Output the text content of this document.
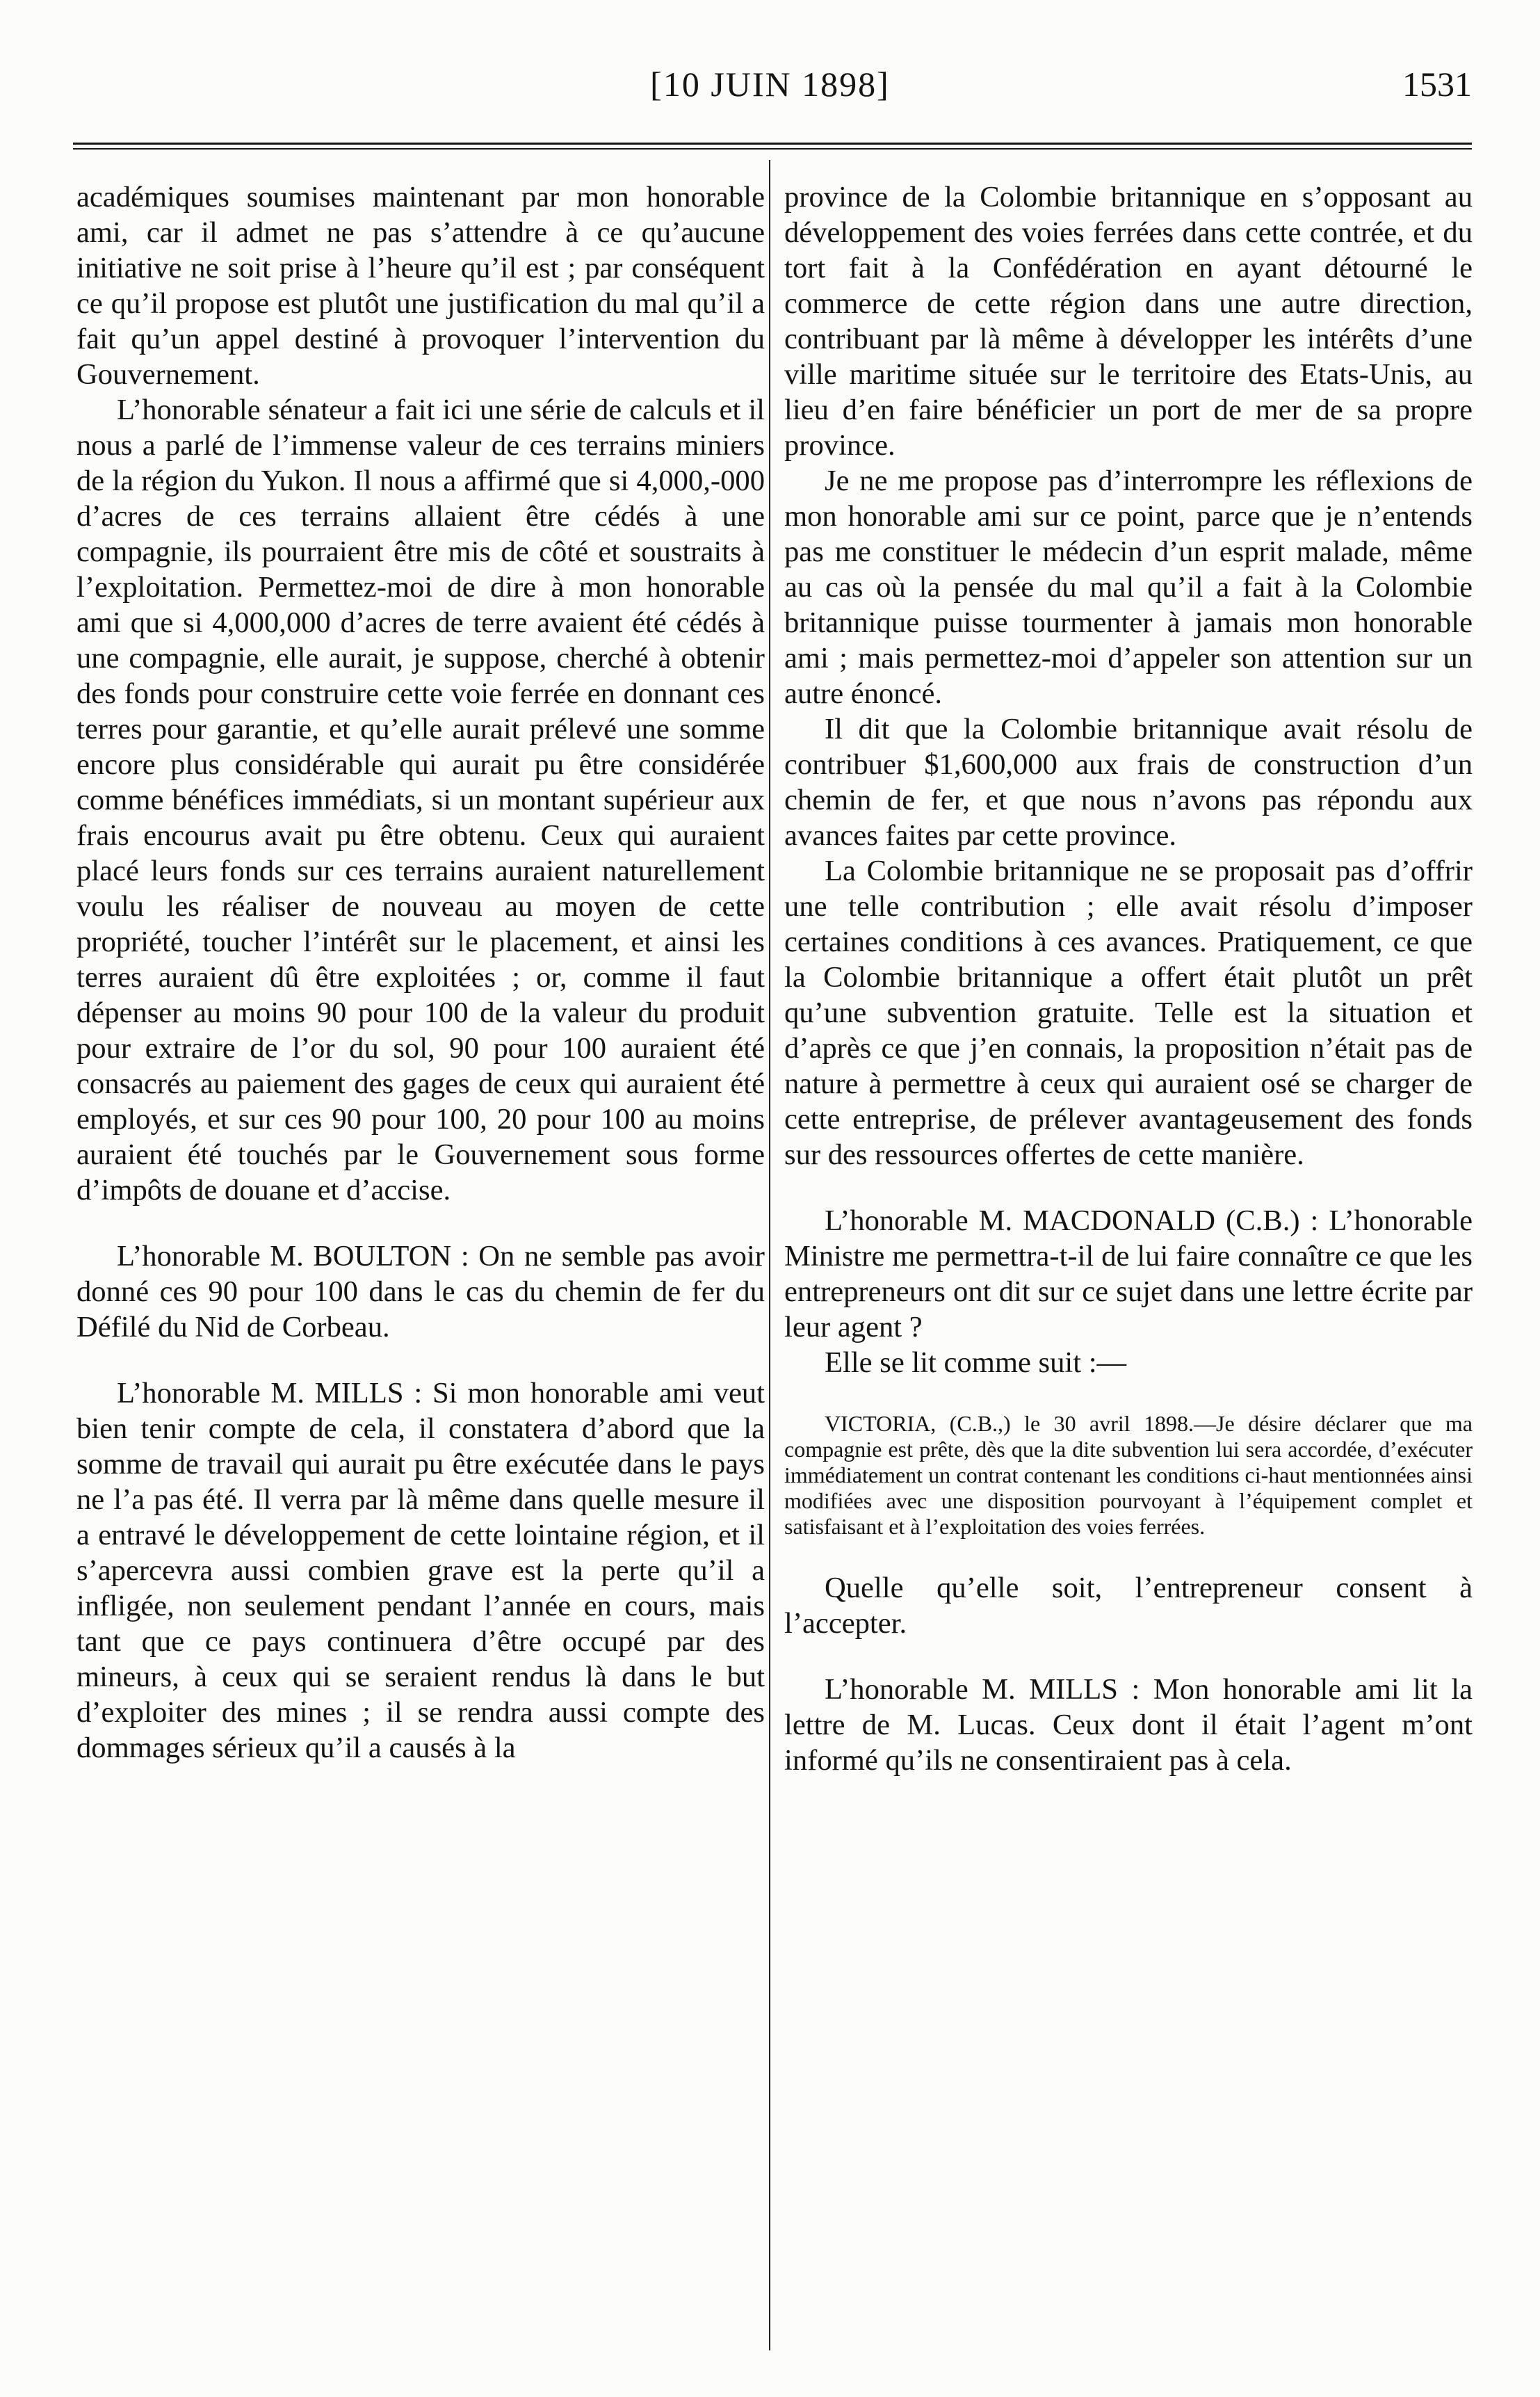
[10 JUIN 1898]	1531

académiques soumises maintenant par mon honorable ami, car il admet ne pas s’attendre à ce qu’aucune initiative ne soit prise à l’heure qu’il est ; par conséquent ce qu’il propose est plutôt une justification du mal qu’il a fait qu’un appel destiné à provoquer l’intervention du Gouvernement.

L’honorable sénateur a fait ici une série de calculs et il nous a parlé de l’immense valeur de ces terrains miniers de la région du Yukon. Il nous a affirmé que si 4,000,-000 d’acres de ces terrains allaient être cédés à une compagnie, ils pourraient être mis de côté et soustraits à l’exploitation. Permettez-moi de dire à mon honorable ami que si 4,000,000 d’acres de terre avaient été cédés à une compagnie, elle aurait, je suppose, cherché à obtenir des fonds pour construire cette voie ferrée en donnant ces terres pour garantie, et qu’elle aurait prélevé une somme encore plus considérable qui aurait pu être considérée comme bénéfices immédiats, si un montant supérieur aux frais encourus avait pu être obtenu. Ceux qui auraient placé leurs fonds sur ces terrains auraient naturellement voulu les réaliser de nouveau au moyen de cette propriété, toucher l’intérêt sur le placement, et ainsi les terres auraient dû être exploitées ; or, comme il faut dépenser au moins 90 pour 100 de la valeur du produit pour extraire de l’or du sol, 90 pour 100 auraient été consacrés au paiement des gages de ceux qui auraient été employés, et sur ces 90 pour 100, 20 pour 100 au moins auraient été touchés par le Gouvernement sous forme d’impôts de douane et d’accise.

L’honorable M. BOULTON : On ne semble pas avoir donné ces 90 pour 100 dans le cas du chemin de fer du Défilé du Nid de Corbeau.

L’honorable M. MILLS : Si mon honorable ami veut bien tenir compte de cela, il constatera d’abord que la somme de travail qui aurait pu être exécutée dans le pays ne l’a pas été. Il verra par là même dans quelle mesure il a entravé le développement de cette lointaine région, et il s’apercevra aussi combien grave est la perte qu’il a infligée, non seulement pendant l’année en cours, mais tant que ce pays continuera d’être occupé par des mineurs, à ceux qui se seraient rendus là dans le but d’exploiter des mines ; il se rendra aussi compte des dommages sérieux qu’il a causés à la

province de la Colombie britannique en s’opposant au développement des voies ferrées dans cette contrée, et du tort fait à la Confédération en ayant détourné le commerce de cette région dans une autre direction, contribuant par là même à développer les intérêts d’une ville maritime située sur le territoire des Etats-Unis, au lieu d’en faire bénéficier un port de mer de sa propre province.

Je ne me propose pas d’interrompre les réflexions de mon honorable ami sur ce point, parce que je n’entends pas me constituer le médecin d’un esprit malade, même au cas où la pensée du mal qu’il a fait à la Colombie britannique puisse tourmenter à jamais mon honorable ami ; mais permettez-moi d’appeler son attention sur un autre énoncé.

Il dit que la Colombie britannique avait résolu de contribuer $1,600,000 aux frais de construction d’un chemin de fer, et que nous n’avons pas répondu aux avances faites par cette province.

La Colombie britannique ne se proposait pas d’offrir une telle contribution ; elle avait résolu d’imposer certaines conditions à ces avances. Pratiquement, ce que la Colombie britannique a offert était plutôt un prêt qu’une subvention gratuite. Telle est la situation et d’après ce que j’en connais, la proposition n’était pas de nature à permettre à ceux qui auraient osé se charger de cette entreprise, de prélever avantageusement des fonds sur des ressources offertes de cette manière.

L’honorable M. MACDONALD (C.B.) : L’honorable Ministre me permettra-t-il de lui faire connaître ce que les entrepreneurs ont dit sur ce sujet dans une lettre écrite par leur agent ?

Elle se lit comme suit :—

VICTORIA, (C.B.,) le 30 avril 1898.—Je désire déclarer que ma compagnie est prête, dès que la dite subvention lui sera accordée, d’exécuter immédiatement un contrat contenant les conditions ci-haut mentionnées ainsi modifiées avec une disposition pourvoyant à l’équipement complet et satisfaisant et à l’exploitation des voies ferrées.

Quelle qu’elle soit, l’entrepreneur consent à l’accepter.

L’honorable M. MILLS : Mon honorable ami lit la lettre de M. Lucas. Ceux dont il était l’agent m’ont informé qu’ils ne consentiraient pas à cela.
